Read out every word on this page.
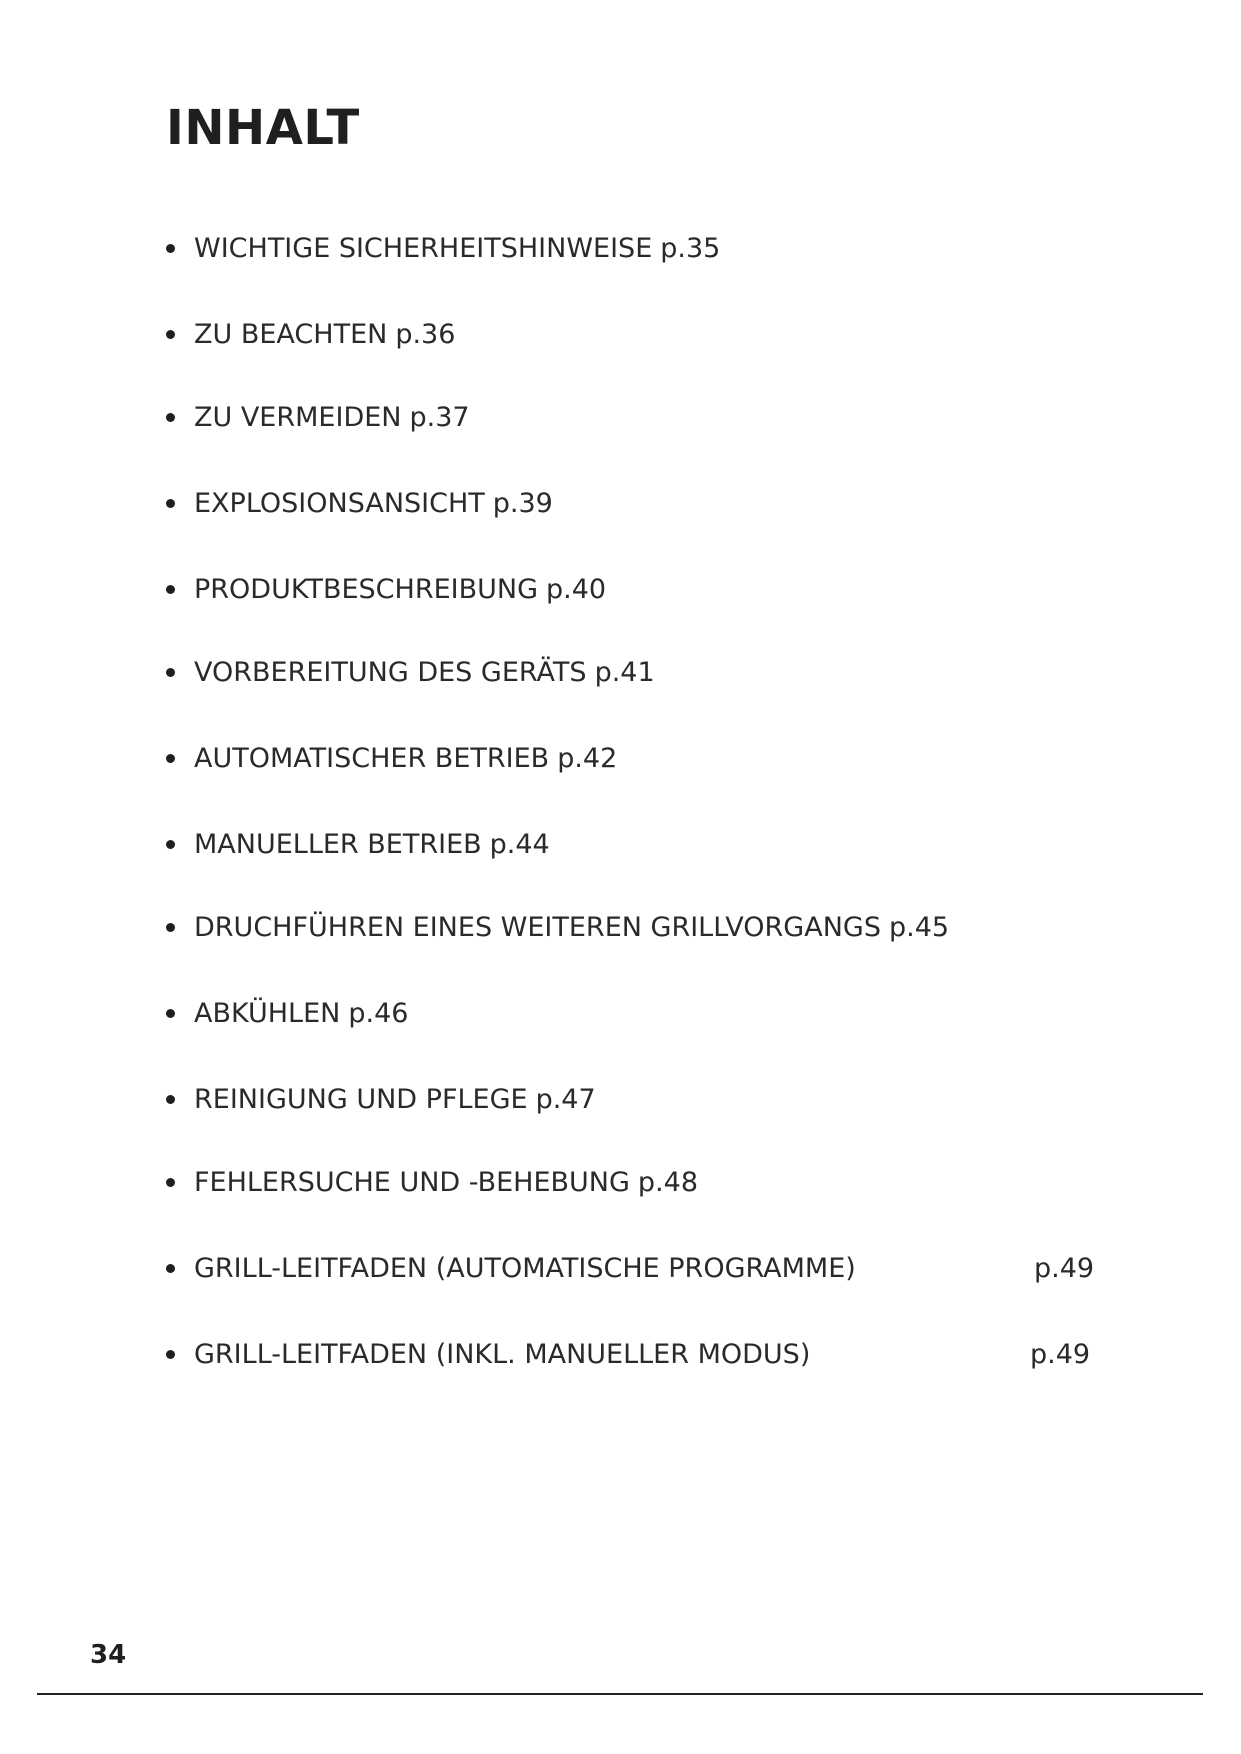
INHALT
WICHTIGE SICHERHEITSHINWEISE p.35
ZU BEACHTEN p.36
ZU VERMEIDEN p.37
EXPLOSIONSANSICHT p.39
PRODUKTBESCHREIBUNG p.40
VORBEREITUNG DES GERÄTS p.41
AUTOMATISCHER BETRIEB p.42
MANUELLER BETRIEB p.44
DRUCHFÜHREN EINES WEITEREN GRILLVORGANGS p.45
ABKÜHLEN p.46
REINIGUNG UND PFLEGE p.47
FEHLERSUCHE UND -BEHEBUNG p.48
GRILL-LEITFADEN (AUTOMATISCHE PROGRAMME)	p.49
GRILL-LEITFADEN (INKL. MANUELLER MODUS)	p.49
34
